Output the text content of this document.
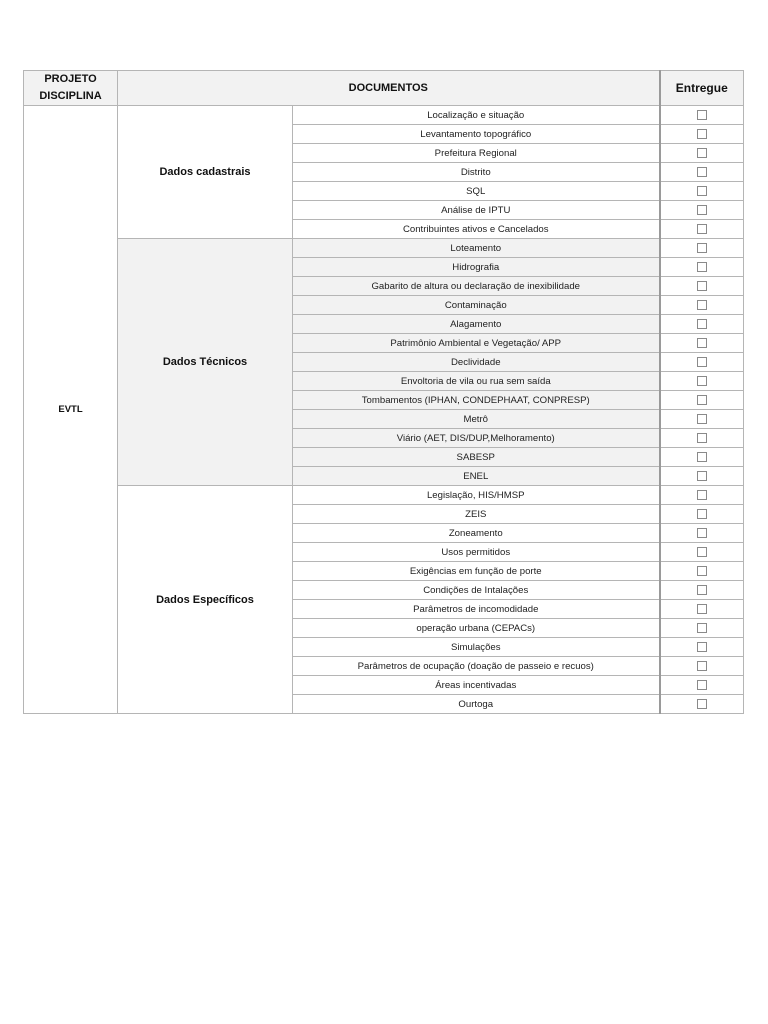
PROJETO DISCIPLINA	DOCUMENTOS		Entregue
EVTL	Dados cadastrais	Localização e situação	
		Levantamento topográfico	
		Prefeitura Regional	
		Distrito	
		SQL	
		Análise de IPTU	
		Contribuintes ativos e Cancelados	
	Dados Técnicos	Loteamento	
		Hidrografia	
		Gabarito de altura ou declaração de inexibilidade	
		Contaminação	
		Alagamento	
		Patrimônio Ambiental e Vegetação/ APP	
		Declividade	
		Envoltoria de vila ou rua sem saída	
		Tombamentos (IPHAN, CONDEPHAAT, CONPRESP)	
		Metrô	
		Viário (AET, DIS/DUP,Melhoramento)	
		SABESP	
		ENEL	
	Dados Específicos	Legislação, HIS/HMSP	
		ZEIS	
		Zoneamento	
		Usos permitidos	
		Exigências em função de porte	
		Condições de Intalações	
		Parâmetros de incomodidade	
		operação urbana (CEPACs)	
		Simulações	
		Parâmetros de ocupação (doação de passeio e recuos)	
		Áreas incentivadas	
		Ourtoga	
